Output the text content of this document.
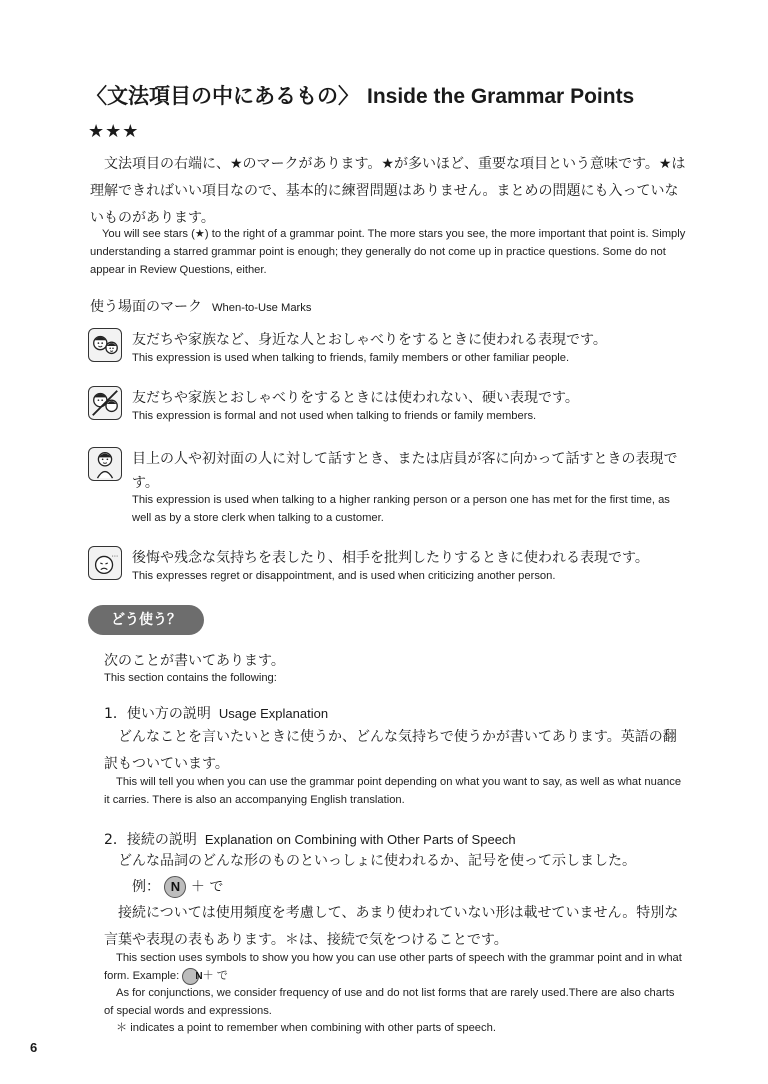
〈文法項目の中にあるもの〉 Inside the Grammar Points
★★★
文法項目の右端に、★のマークがあります。★が多いほど、重要な項目という意味です。★は理解できればいい項目なので、基本的に練習問題はありません。まとめの問題にも入っていないものがあります。
You will see stars (★) to the right of a grammar point. The more stars you see, the more important that point is. Simply understanding a starred grammar point is enough; they generally do not come up in practice questions. Some do not appear in Review Questions, either.
使う場面のマーク When-to-Use Marks
友だちや家族など、身近な人とおしゃべりをするときに使われる表現です。
This expression is used when talking to friends, family members or other familiar people.
友だちや家族とおしゃべりをするときには使われない、硬い表現です。
This expression is formal and not used when talking to friends or family members.
目上の人や初対面の人に対して話すとき、または店員が客に向かって話すときの表現です。
This expression is used when talking to a higher ranking person or a person one has met for the first time, as well as by a store clerk when talking to a customer.
… 後悔や残念な気持ちを表したり、相手を批判したりするときに使われる表現です。
This expresses regret or disappointment, and is used when criticizing another person.
どう使う？
次のことが書いてあります。
This section contains the following:
1．使い方の説明 Usage Explanation
どんなことを言いたいときに使うか、どんな気持ちで使うかが書いてあります。英語の翻訳もついています。
This will tell you when you can use the grammar point depending on what you want to say, as well as what nuance it carries. There is also an accompanying English translation.
2．接続の説明 Explanation on Combining with Other Parts of Speech
どんな品詞のどんな形のものといっしょに使われるか、記号を使って示しました。
例： N ＋ で
接続については使用頻度を考慮して、あまり使われていない形は載せていません。特別な言葉や表現の表もあります。＊は、接続で気をつけることです。
This section uses symbols to show you how you can use other parts of speech with the grammar point and in what form. Example: N ＋ で
As for conjunctions, we consider frequency of use and do not list forms that are rarely used.There are also charts of special words and expressions.
＊ indicates a point to remember when combining with other parts of speech.
6
